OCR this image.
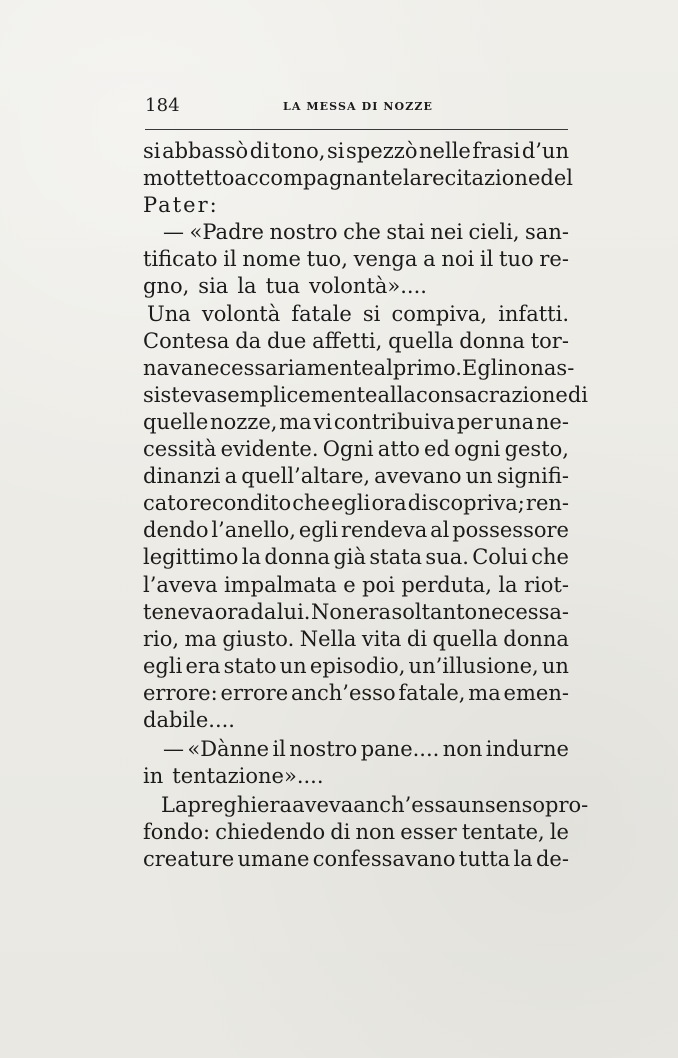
184	LA MESSA DI NOZZE
si abbassò di tono, si spezzò nelle frasi d’un
mottetto accompagnante la recitazione del
Pater:
— «Padre nostro che stai nei cieli, san-
tificato il nome tuo, venga a noi il tuo re-
gno, sia la tua volontà»....
Una volontà fatale si compiva, infatti.
Contesa da due affetti, quella donna tor-
nava necessariamente al primo. Egli non as-
sisteva semplicemente alla consacrazione di
quelle nozze, ma vi contribuiva per una ne-
cessità evidente. Ogni atto ed ogni gesto,
dinanzi a quell’altare, avevano un signifi-
cato recondito che egli ora discopriva; ren-
dendo l’anello, egli rendeva al possessore
legittimo la donna già stata sua. Colui che
l’aveva impalmata e poi perduta, la riot-
teneva ora da lui. Non era soltanto necessa-
rio, ma giusto. Nella vita di quella donna
egli era stato un episodio, un’illusione, un
errore: errore anch’esso fatale, ma emen-
dabile....
— «Dànne il nostro pane.... non indurne
in tentazione»....
La preghiera aveva anch’essa un senso pro-
fondo: chiedendo di non esser tentate, le
creature umane confessavano tutta la de-
